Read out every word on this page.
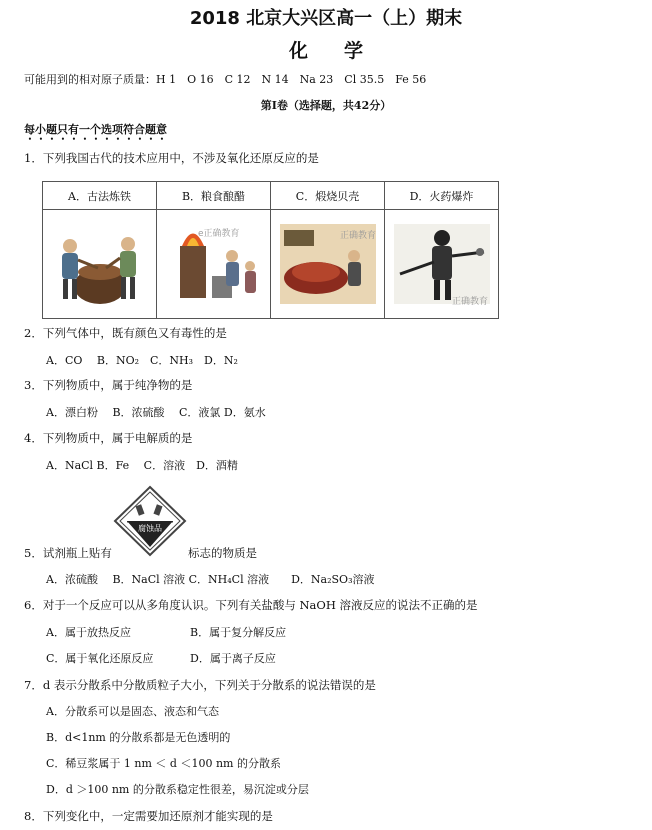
2018 北京大兴区高一（上）期末
化学
可能用到的相对原子质量：H 1　O 16　C 12　N 14　Na 23　Cl 35.5　Fe 56
第Ⅰ卷（选择题，共42分）
每小题只有一个选项符合题意
1．下列我国古代的技术应用中，不涉及氧化还原反应的是
A．古法炼铁	B．粮食酿醋	C．煅烧贝壳	D．火药爆炸

e正确教育	正确教育	正确教育
2．下列气体中，既有颜色又有毒性的是
A．CO　 B．NO₂　C．NH₃　D．N₂
3．下列物质中，属于纯净物的是
A．漂白粉　 B．浓硫酸　 C．液氯 D．氨水
4．下列物质中，属于电解质的是
A．NaCl B．Fe　 C．溶液　D．酒精
5．试剂瓶上贴有
腐蚀品
标志的物质是
A．浓硫酸　 B．NaCl 溶液 C．NH₄Cl 溶液　　D．Na₂SO₃溶液
6．对于一个反应可以从多角度认识。下列有关盐酸与 NaOH 溶液反应的说法不正确的是
A．属于放热反应	B．属于复分解反应
C．属于氧化还原反应	D．属于离子反应
7．d 表示分散系中分散质粒子大小，下列关于分散系的说法错误的是
A．分散系可以是固态、液态和气态
B．d<1nm 的分散系都是无色透明的
C．稀豆浆属于 1 nm ＜ d ＜100 nm 的分散系
D．d ＞100 nm 的分散系稳定性很差，易沉淀或分层
8．下列变化中，一定需要加还原剂才能实现的是
